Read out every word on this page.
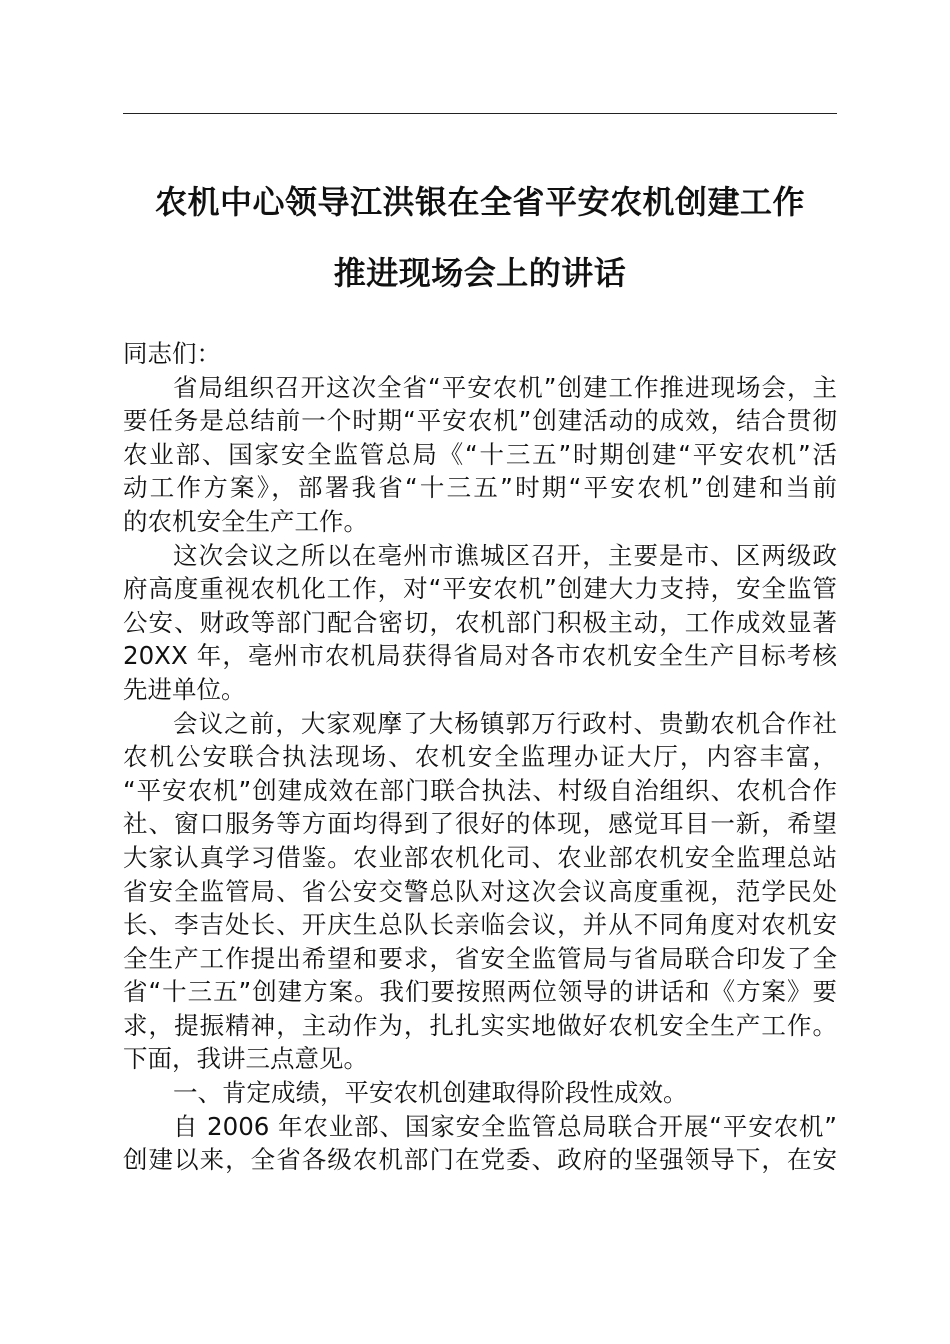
农机中心领导江洪银在全省平安农机创建工作
推进现场会上的讲话
同志们：
省局组织召开这次全省“平安农机”创建工作推进现场会，主
要任务是总结前一个时期“平安农机”创建活动的成效，结合贯彻
农业部、国家安全监管总局《“十三五”时期创建“平安农机”活
动工作方案》，部署我省“十三五”时期“平安农机”创建和当前
的农机安全生产工作。
这次会议之所以在亳州市谯城区召开，主要是市、区两级政
府高度重视农机化工作，对“平安农机”创建大力支持，安全监管
公安、财政等部门配合密切，农机部门积极主动，工作成效显著
20XX 年，亳州市农机局获得省局对各市农机安全生产目标考核
先进单位。
会议之前，大家观摩了大杨镇郭万行政村、贵勤农机合作社
农机公安联合执法现场、农机安全监理办证大厅，内容丰富，
“平安农机”创建成效在部门联合执法、村级自治组织、农机合作
社、窗口服务等方面均得到了很好的体现，感觉耳目一新，希望
大家认真学习借鉴。农业部农机化司、农业部农机安全监理总站
省安全监管局、省公安交警总队对这次会议高度重视，范学民处
长、李吉处长、开庆生总队长亲临会议，并从不同角度对农机安
全生产工作提出希望和要求，省安全监管局与省局联合印发了全
省“十三五”创建方案。我们要按照两位领导的讲话和《方案》要
求，提振精神，主动作为，扎扎实实地做好农机安全生产工作。
下面，我讲三点意见。
一、肯定成绩，平安农机创建取得阶段性成效。
自 2006 年农业部、国家安全监管总局联合开展“平安农机”
创建以来，全省各级农机部门在党委、政府的坚强领导下，在安
